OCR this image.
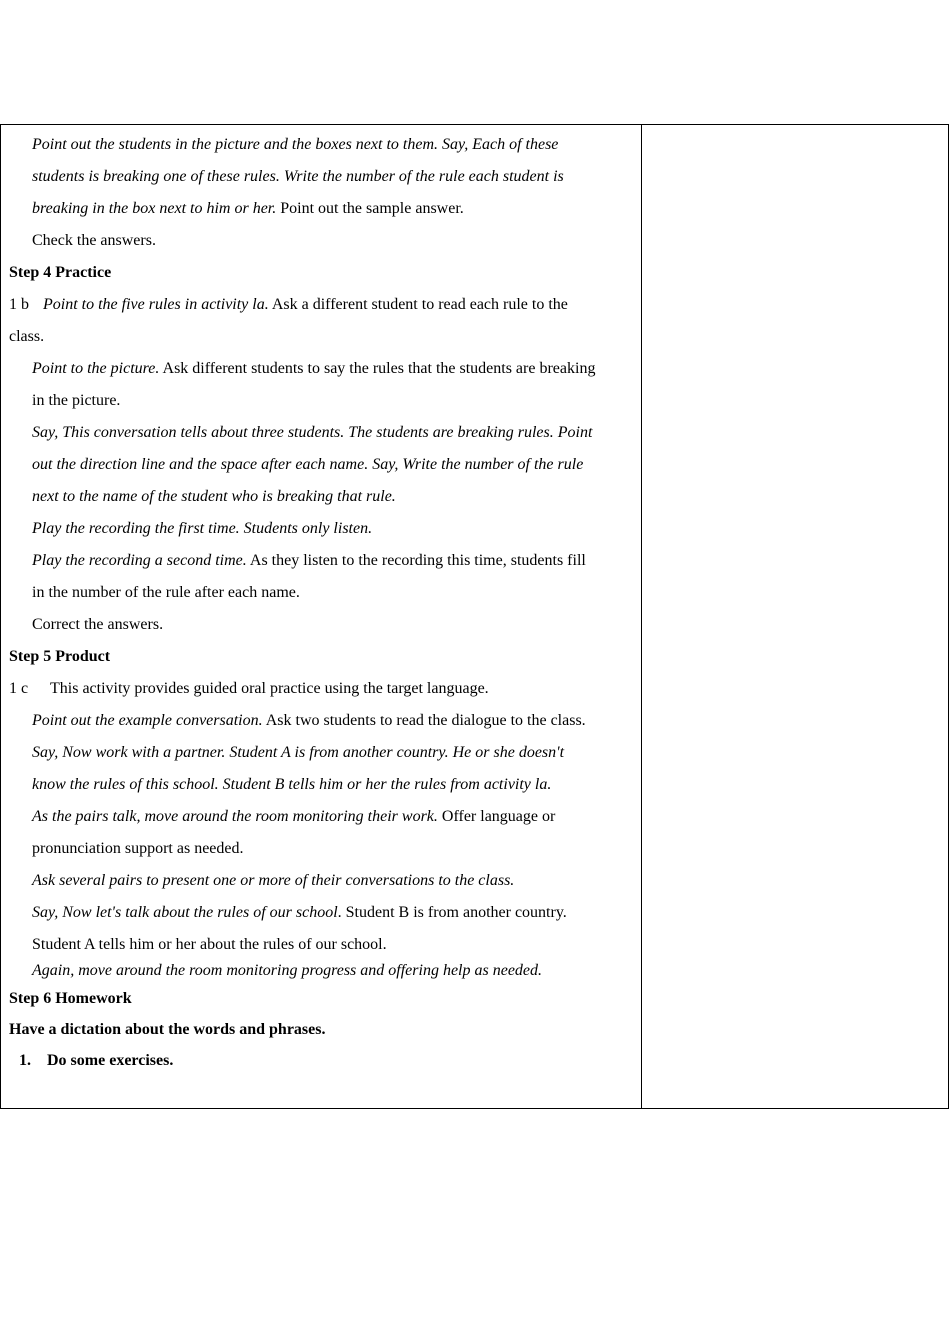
Point out the students in the picture and the boxes next to them. Say, Each of these
students is breaking one of these rules. Write the number of the rule each student is
breaking in the box next to him or her. Point out the sample answer.
Check the answers.
Step 4 Practice
1 b Point to the five rules in activity la. Ask a different student to read each rule to the
class.
Point to the picture. Ask different students to say the rules that the students are breaking
in the picture.
Say, This conversation tells about three students. The students are breaking rules. Point
out the direction line and the space after each name. Say, Write the number of the rule
next to the name of the student who is breaking that rule.
Play the recording the first time. Students only listen.
Play the recording a second time. As they listen to the recording this time, students fill
in the number of the rule after each name.
Correct the answers.
Step 5 Product
1 c This activity provides guided oral practice using the target language.
Point out the example conversation. Ask two students to read the dialogue to the class.
Say, Now work with a partner. Student A is from another country. He or she doesn't
know the rules of this school. Student B tells him or her the rules from activity la.
As the pairs talk, move around the room monitoring their work. Offer language or
pronunciation support as needed.
Ask several pairs to present one or more of their conversations to the class.
Say, Now let's talk about the rules of our school. Student B is from another country.
Student A tells him or her about the rules of our school.
Again, move around the room monitoring progress and offering help as needed.
Step 6 Homework
Have a dictation about the words and phrases.
1. Do some exercises.
